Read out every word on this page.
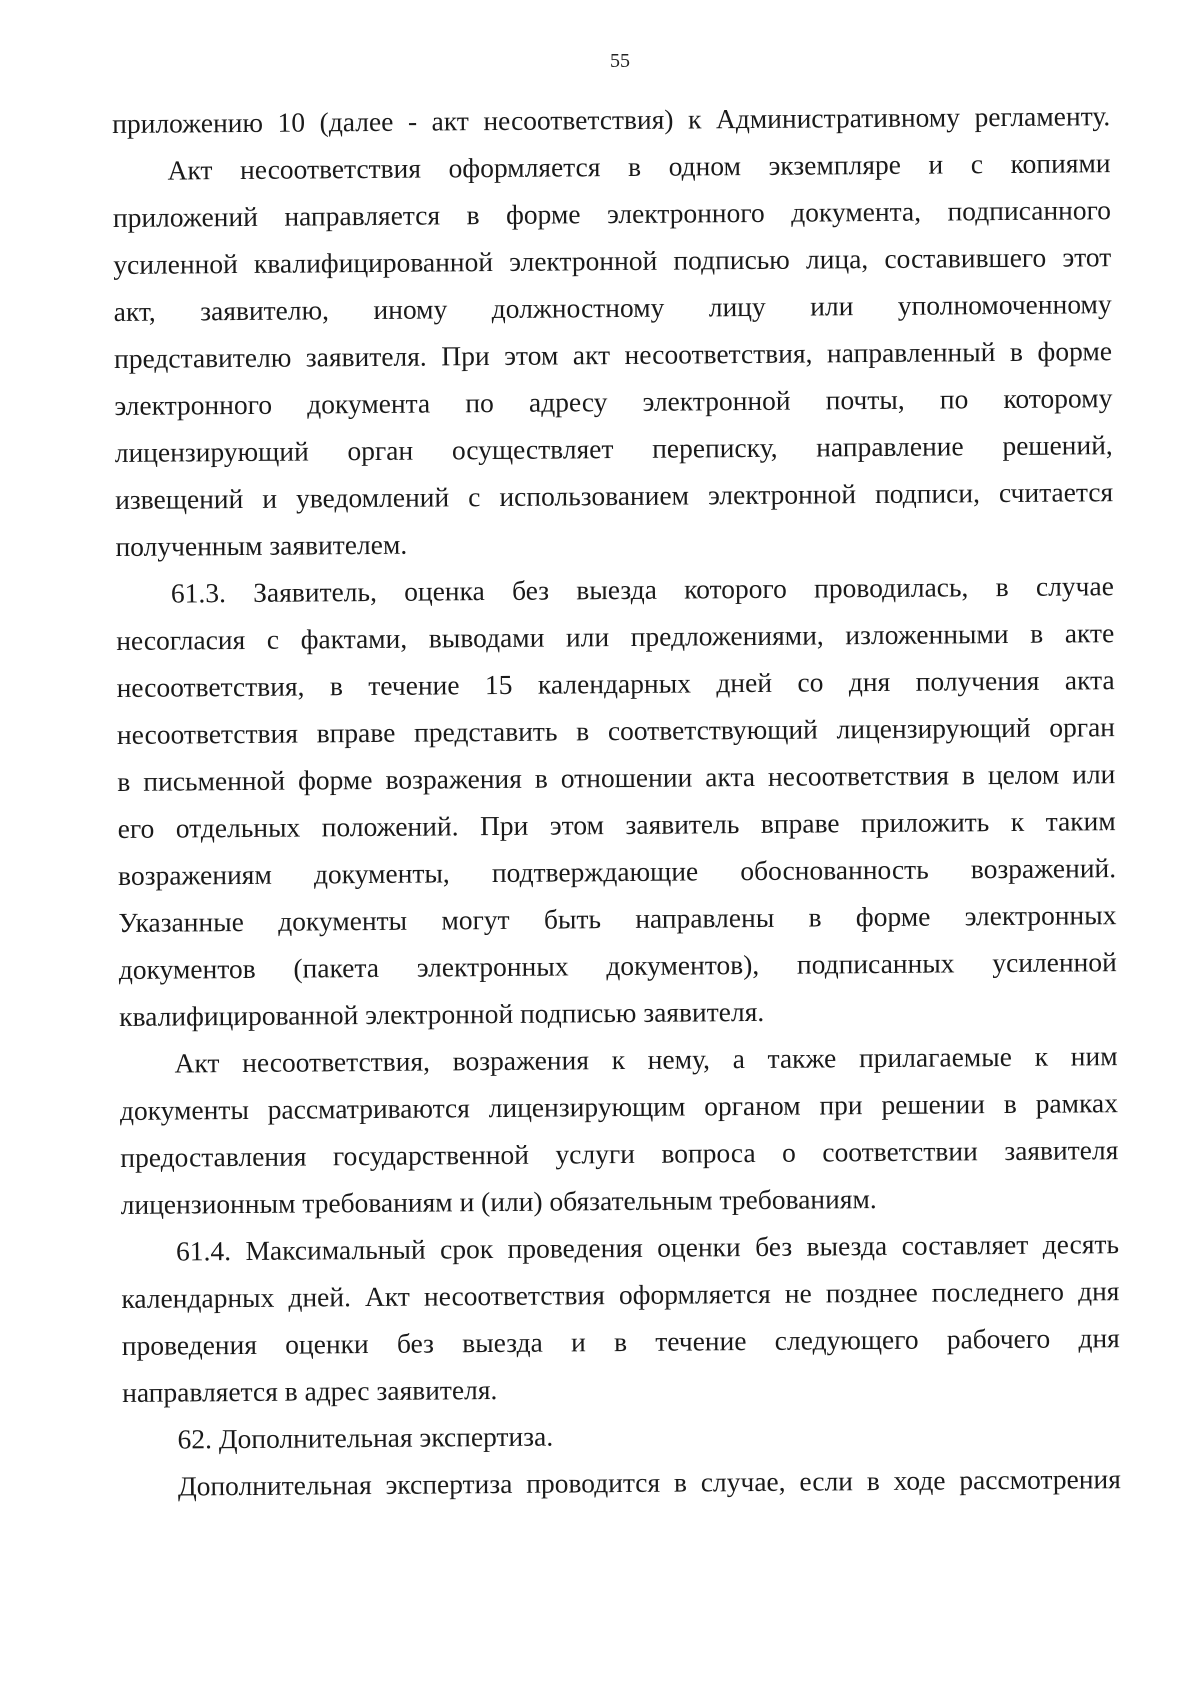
55
приложению 10 (далее - акт несоответствия) к Административному регламенту.
Акт несоответствия оформляется в одном экземпляре и с копиями
приложений направляется в форме электронного документа, подписанного
усиленной квалифицированной электронной подписью лица, составившего этот
акт, заявителю, иному должностному лицу или уполномоченному
представителю заявителя. При этом акт несоответствия, направленный в форме
электронного документа по адресу электронной почты, по которому
лицензирующий орган осуществляет переписку, направление решений,
извещений и уведомлений с использованием электронной подписи, считается
полученным заявителем.
61.3. Заявитель, оценка без выезда которого проводилась, в случае
несогласия с фактами, выводами или предложениями, изложенными в акте
несоответствия, в течение 15 календарных дней со дня получения акта
несоответствия вправе представить в соответствующий лицензирующий орган
в письменной форме возражения в отношении акта несоответствия в целом или
его отдельных положений. При этом заявитель вправе приложить к таким
возражениям документы, подтверждающие обоснованность возражений.
Указанные документы могут быть направлены в форме электронных
документов (пакета электронных документов), подписанных усиленной
квалифицированной электронной подписью заявителя.
Акт несоответствия, возражения к нему, а также прилагаемые к ним
документы рассматриваются лицензирующим органом при решении в рамках
предоставления государственной услуги вопроса о соответствии заявителя
лицензионным требованиям и (или) обязательным требованиям.
61.4. Максимальный срок проведения оценки без выезда составляет десять
календарных дней. Акт несоответствия оформляется не позднее последнего дня
проведения оценки без выезда и в течение следующего рабочего дня
направляется в адрес заявителя.
62. Дополнительная экспертиза.
Дополнительная экспертиза проводится в случае, если в ходе рассмотрения
